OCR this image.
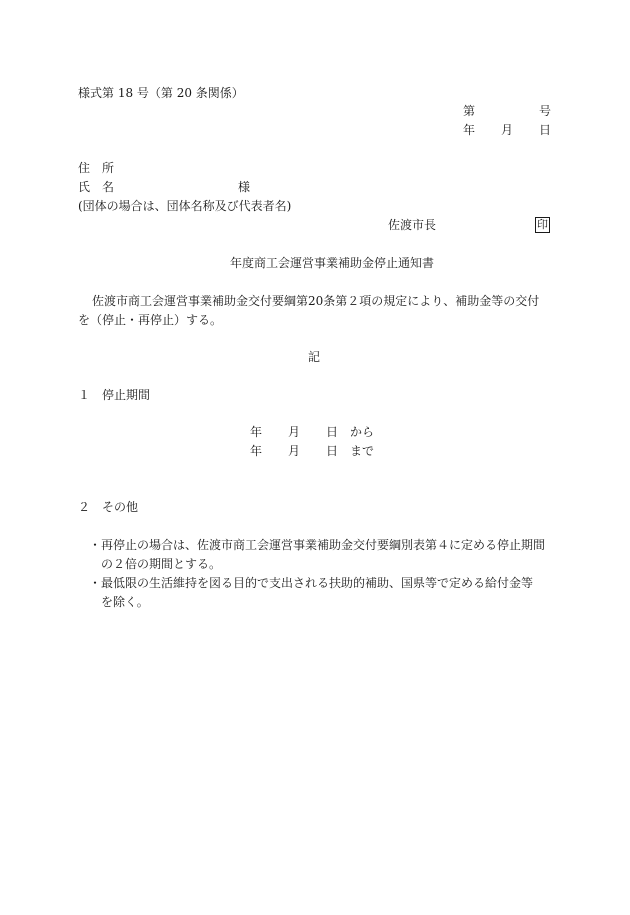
様式第 18 号（第 20 条関係）
第	号
年 月 日
住　所
氏　名	様
(団体の場合は、団体名称及び代表者名)
佐渡市長	印
年度商工会運営事業補助金停止通知書
佐渡市商工会運営事業補助金交付要綱第20条第２項の規定により、補助金等の交付
を（停止・再停止）する。
記
１　停止期間
年 月 日 から
年 月 日 まで
２　その他
・再停止の場合は、佐渡市商工会運営事業補助金交付要綱別表第４に定める停止期間
の２倍の期間とする。
・最低限の生活維持を図る目的で支出される扶助的補助、国県等で定める給付金等
を除く。
